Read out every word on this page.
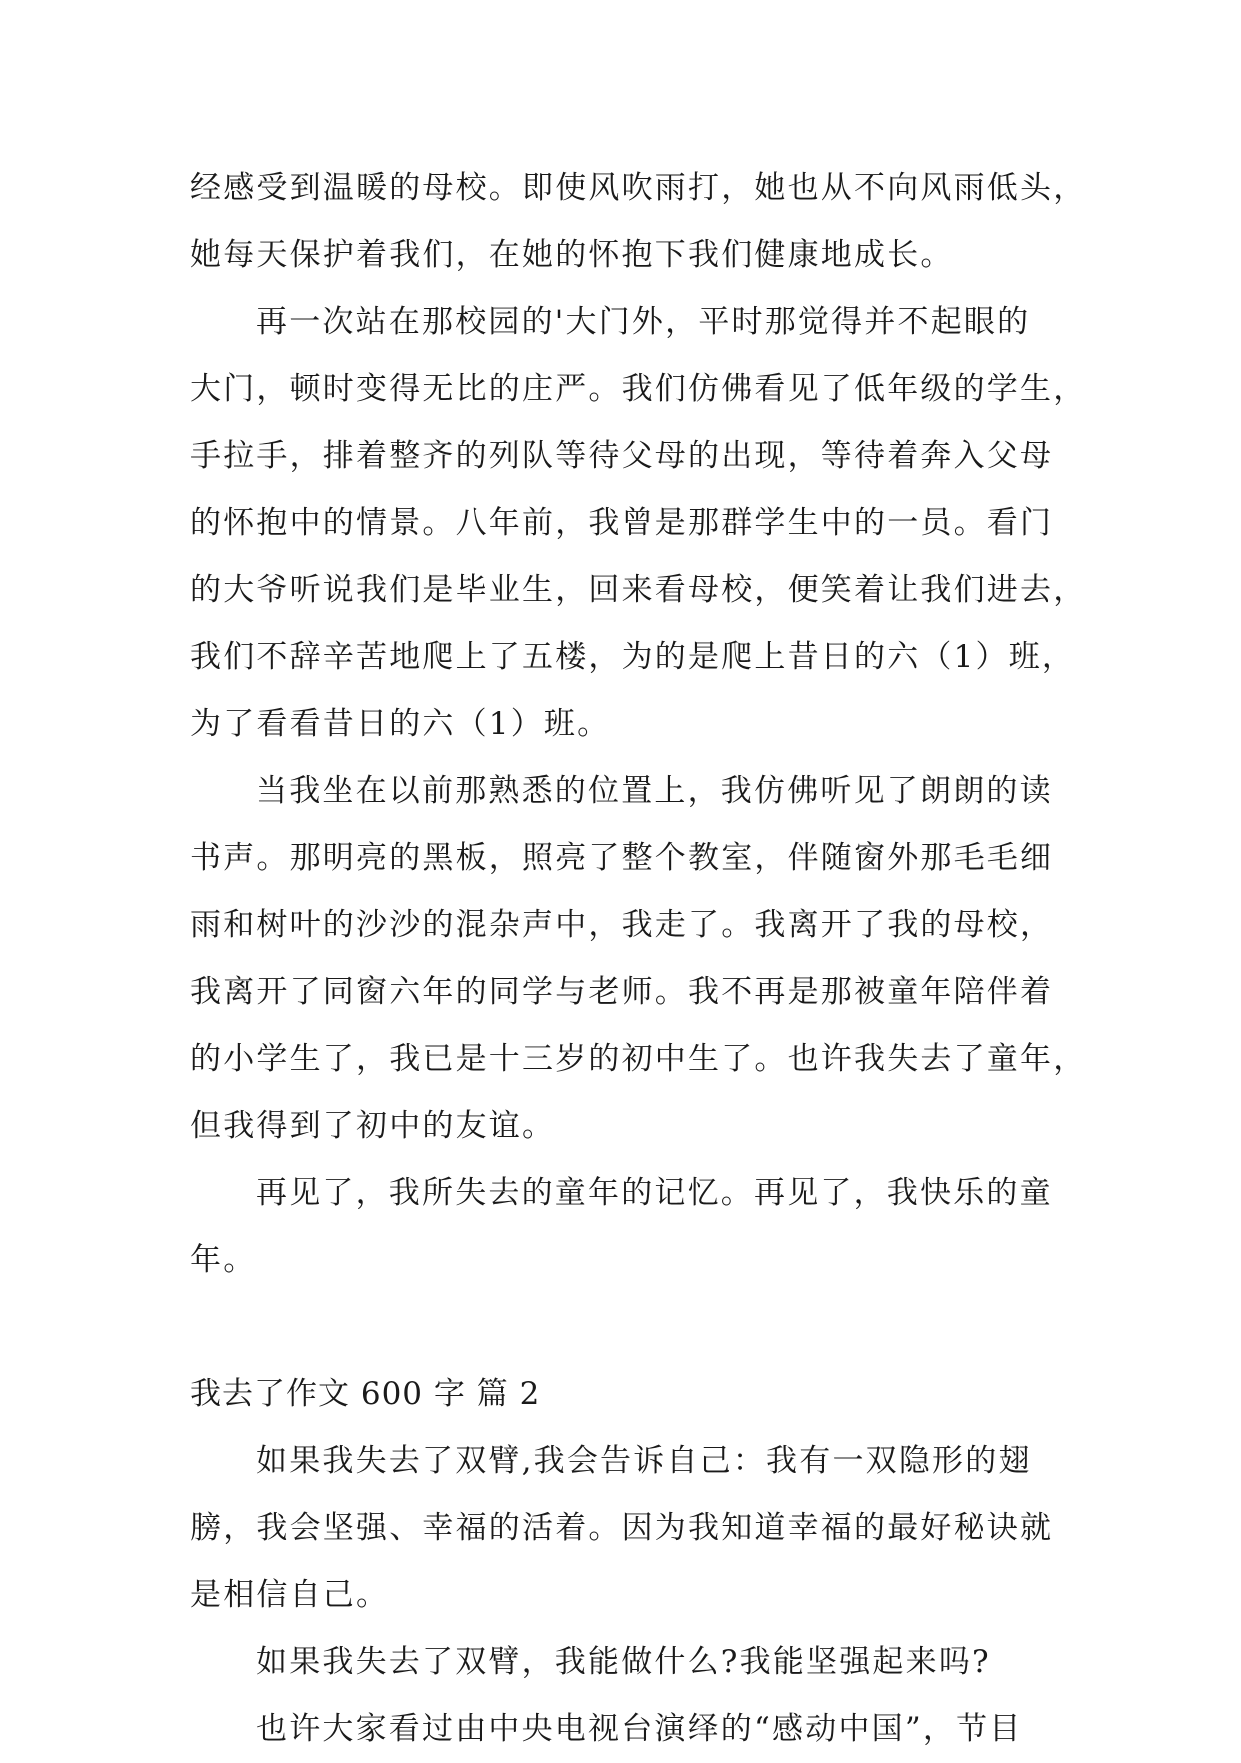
经感受到温暖的母校。即使风吹雨打，她也从不向风雨低头，
她每天保护着我们，在她的怀抱下我们健康地成长。
再一次站在那校园的'大门外，平时那觉得并不起眼的
大门，顿时变得无比的庄严。我们仿佛看见了低年级的学生，
手拉手，排着整齐的列队等待父母的出现，等待着奔入父母
的怀抱中的情景。八年前，我曾是那群学生中的一员。看门
的大爷听说我们是毕业生，回来看母校，便笑着让我们进去，
我们不辞辛苦地爬上了五楼，为的是爬上昔日的六（1）班，
为了看看昔日的六（1）班。
当我坐在以前那熟悉的位置上，我仿佛听见了朗朗的读
书声。那明亮的黑板，照亮了整个教室，伴随窗外那毛毛细
雨和树叶的沙沙的混杂声中，我走了。我离开了我的母校，
我离开了同窗六年的同学与老师。我不再是那被童年陪伴着
的小学生了，我已是十三岁的初中生了。也许我失去了童年，
但我得到了初中的友谊。
再见了，我所失去的童年的记忆。再见了，我快乐的童
年。
我去了作文 600 字 篇 2
如果我失去了双臂,我会告诉自己：我有一双隐形的翅
膀，我会坚强、幸福的活着。因为我知道幸福的最好秘诀就
是相信自己。
如果我失去了双臂，我能做什么?我能坚强起来吗?
也许大家看过由中央电视台演绎的“感动中国”，节目
